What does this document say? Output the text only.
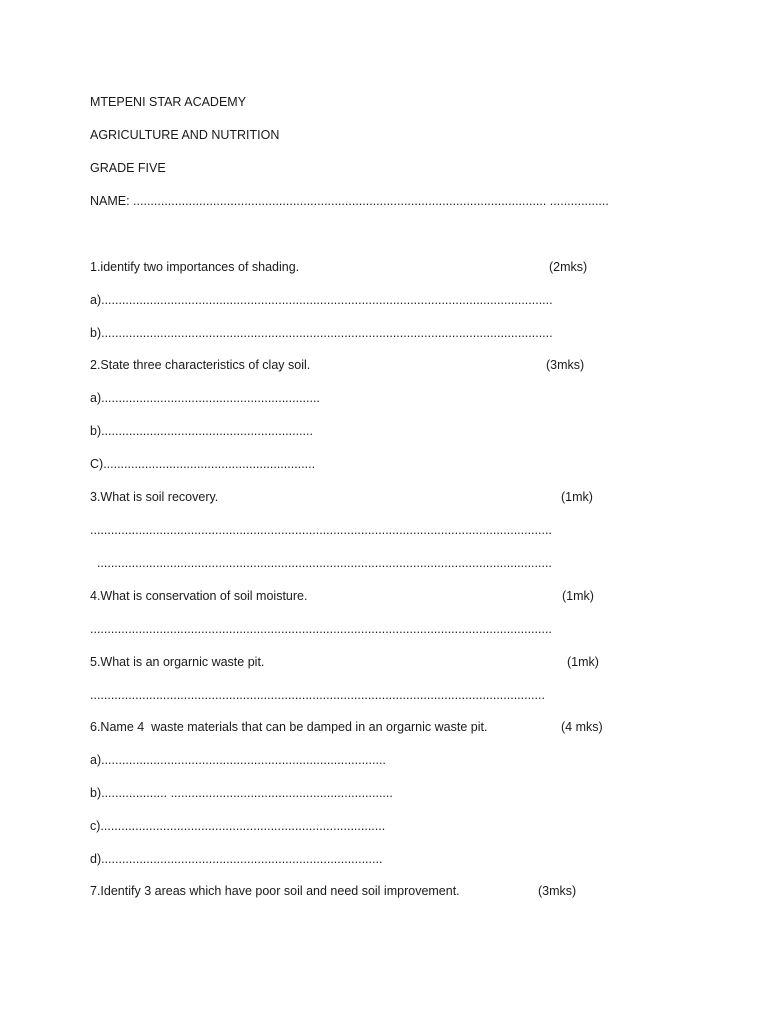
MTEPENI STAR ACADEMY
AGRICULTURE AND NUTRITION
GRADE FIVE
NAME: ....................................................................................................................... .................
1.identify two importances of shading.	(2mks)
a)..................................................................................................................................
b)..................................................................................................................................
2.State three characteristics of clay soil.	(3mks)
a)...............................................................
b).............................................................
C).............................................................
3.What is soil recovery.	(1mk)
.....................................................................................................................................
...................................................................................................................................
4.What is conservation of soil moisture.	(1mk)
.....................................................................................................................................
5.What is an orgarnic waste pit.	(1mk)
...................................................................................................................................
6.Name 4  waste materials that can be damped in an orgarnic waste pit.	(4 mks)
a)..................................................................................
b)................... ................................................................
c)..................................................................................
d).................................................................................
7.Identify 3 areas which have poor soil and need soil improvement.	(3mks)
